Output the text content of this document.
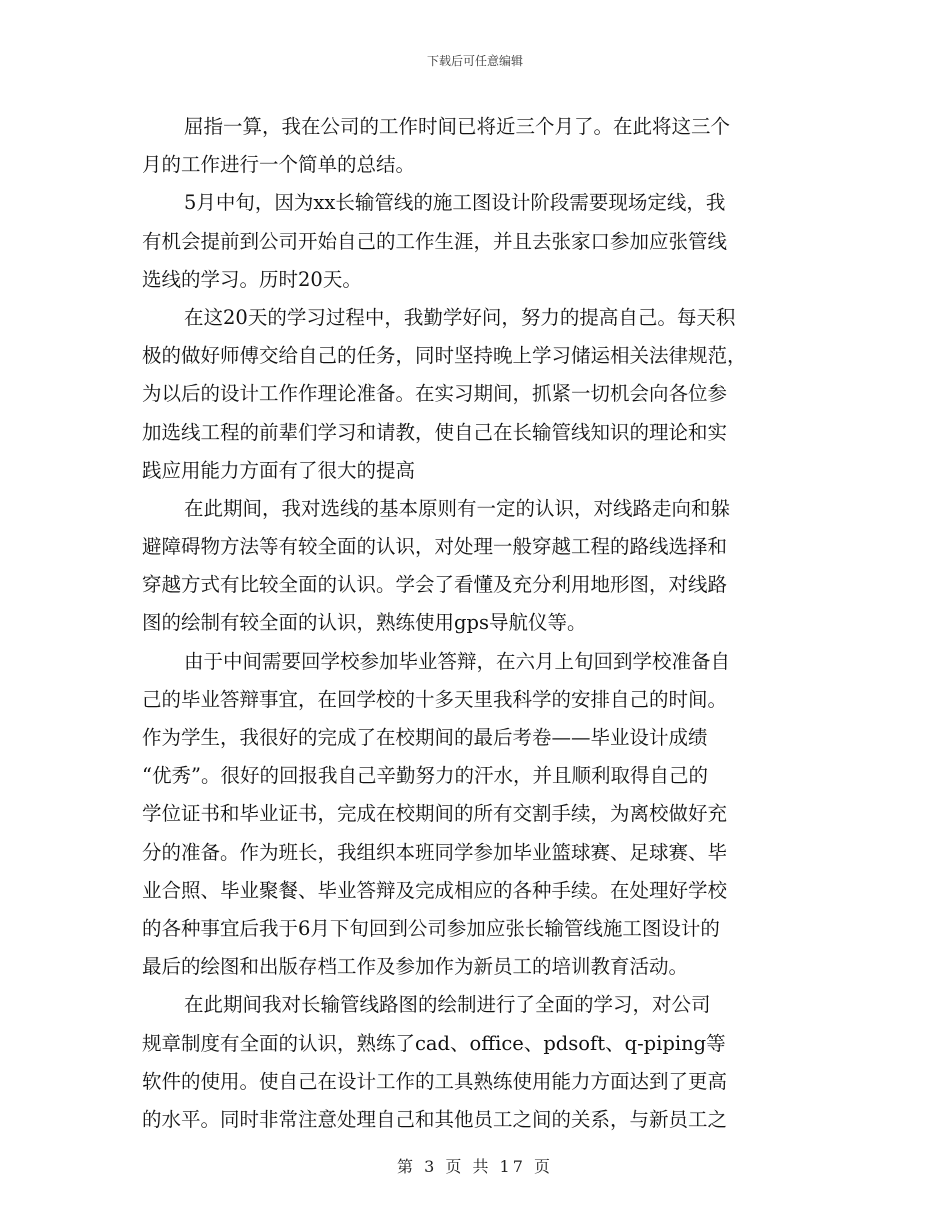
下载后可任意编辑
屈指一算，我在公司的工作时间已将近三个月了。在此将这三个
月的工作进行一个简单的总结。
5月中旬，因为xx长输管线的施工图设计阶段需要现场定线，我
有机会提前到公司开始自己的工作生涯，并且去张家口参加应张管线
选线的学习。历时20天。
在这20天的学习过程中，我勤学好问，努力的提高自己。每天积
极的做好师傅交给自己的任务，同时坚持晚上学习储运相关法律规范，
为以后的设计工作作理论准备。在实习期间，抓紧一切机会向各位参
加选线工程的前辈们学习和请教，使自己在长输管线知识的理论和实
践应用能力方面有了很大的提高
在此期间，我对选线的基本原则有一定的认识，对线路走向和躲
避障碍物方法等有较全面的认识，对处理一般穿越工程的路线选择和
穿越方式有比较全面的认识。学会了看懂及充分利用地形图，对线路
图的绘制有较全面的认识，熟练使用gps导航仪等。
由于中间需要回学校参加毕业答辩，在六月上旬回到学校准备自
己的毕业答辩事宜，在回学校的十多天里我科学的安排自己的时间。
作为学生，我很好的完成了在校期间的最后考卷——毕业设计成绩
“优秀”。很好的回报我自己辛勤努力的汗水，并且顺利取得自己的
学位证书和毕业证书，完成在校期间的所有交割手续，为离校做好充
分的准备。作为班长，我组织本班同学参加毕业篮球赛、足球赛、毕
业合照、毕业聚餐、毕业答辩及完成相应的各种手续。在处理好学校
的各种事宜后我于6月下旬回到公司参加应张长输管线施工图设计的
最后的绘图和出版存档工作及参加作为新员工的培训教育活动。
在此期间我对长输管线路图的绘制进行了全面的学习，对公司
规章制度有全面的认识，熟练了cad、office、pdsoft、q-piping等
软件的使用。使自己在设计工作的工具熟练使用能力方面达到了更高
的水平。同时非常注意处理自己和其他员工之间的关系，与新员工之
第 3 页 共 17 页
